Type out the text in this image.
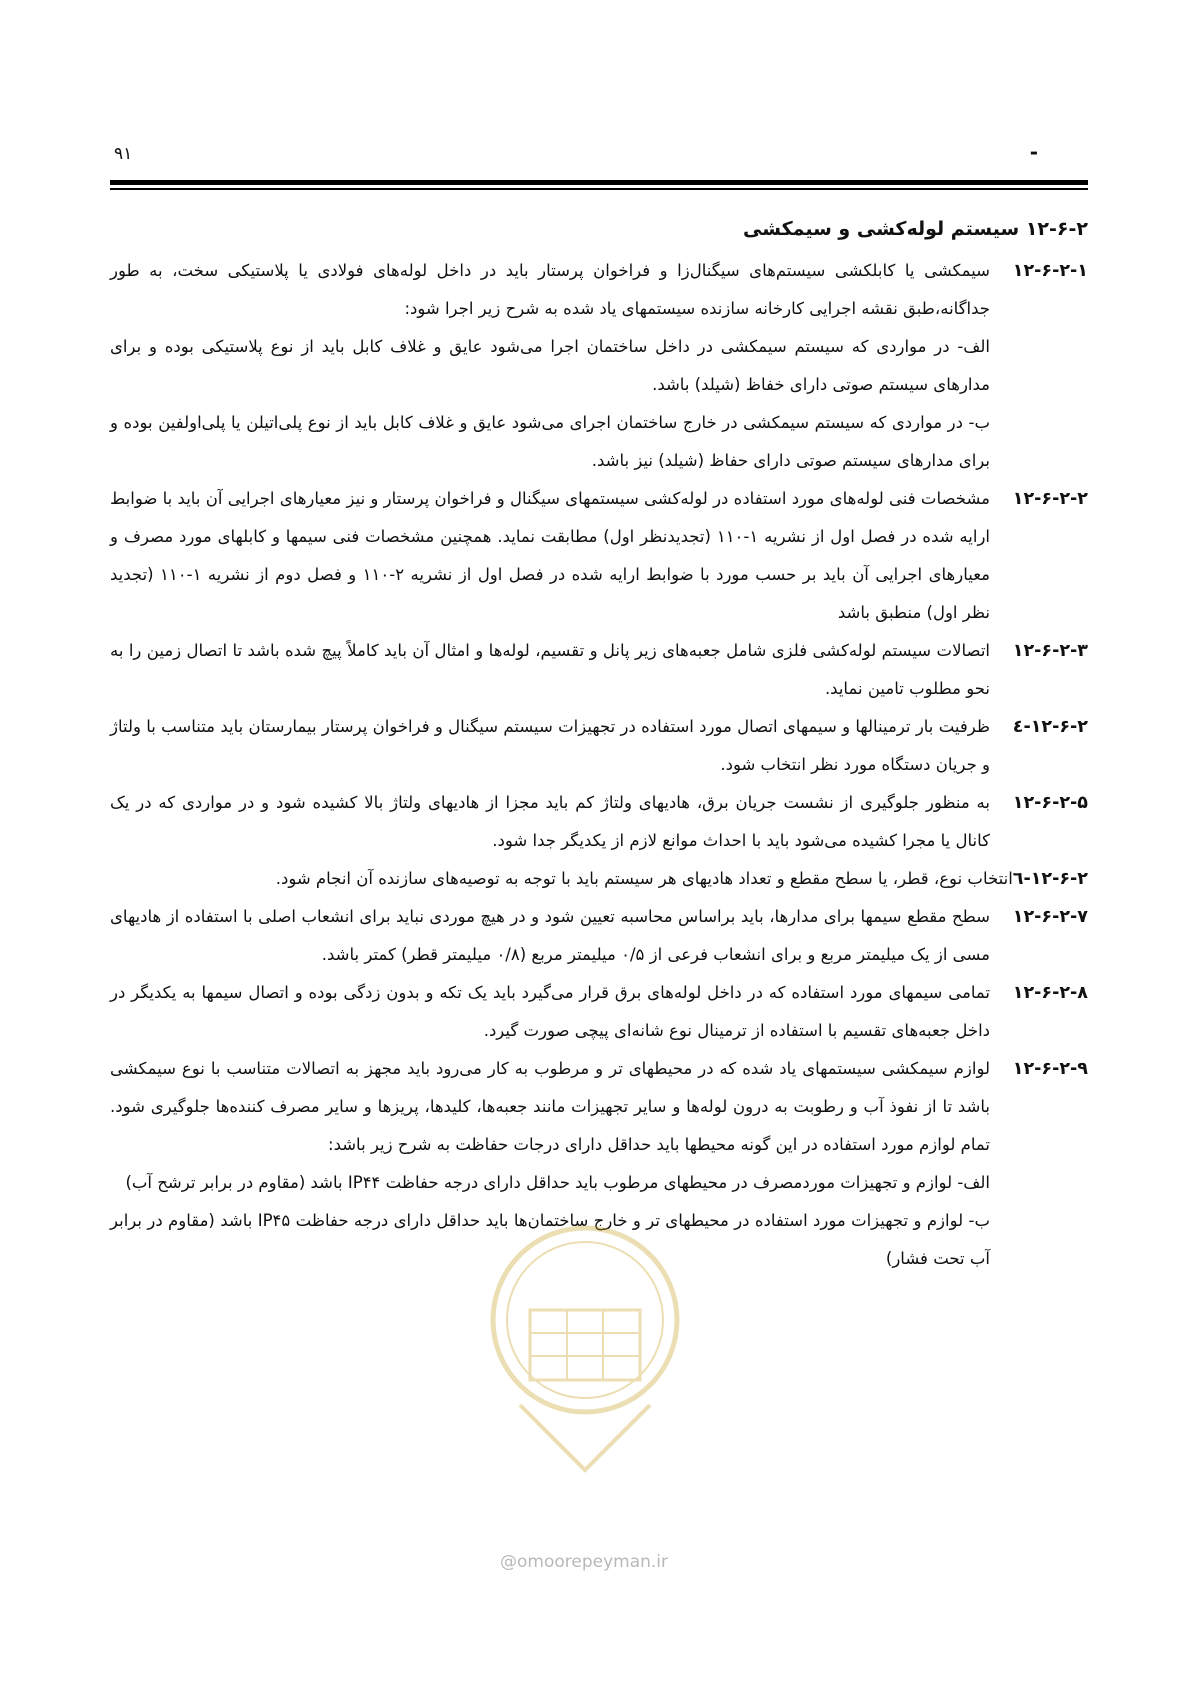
۹۱	-

۱۲-۶-۲ سیستم لوله‌کشی و سیمکشی

۱۲-۶-۲-۱

سیمکشی یا کابلکشی سیستم‌های سیگنال‌زا و فراخوان پرستار باید در داخل لوله‌های فولادی یا پلاستیکی سخت، به طور جداگانه،طبق نقشه اجرایی کارخانه سازنده سیستمهای یاد شده به شرح زیر اجرا شود:

الف- در مواردی که سیستم سیمکشی در داخل ساختمان اجرا می‌شود عایق و غلاف کابل باید از نوع پلاستیکی بوده و برای مدارهای سیستم صوتی دارای خفاظ (شیلد) باشد.

ب- در مواردی که سیستم سیمکشی در خارج ساختمان اجرای می‌شود عایق و غلاف کابل باید از نوع پلی‌اتیلن یا پلی‌اولفین بوده و برای مدارهای سیستم صوتی دارای حفاظ (شیلد) نیز باشد.

۱۲-۶-۲-۲

مشخصات فنی لوله‌های مورد استفاده در لوله‌کشی سیستمهای سیگنال و فراخوان پرستار و نیز معیارهای اجرایی آن باید با ضوابط ارایه شده در فصل اول از نشریه ۱-۱۱۰ (تجدیدنظر اول) مطابقت نماید. همچنین مشخصات فنی سیمها و کابلهای مورد مصرف و معیارهای اجرایی آن باید بر حسب مورد با ضوابط ارایه شده در فصل اول از نشریه ۲-۱۱۰ و فصل دوم از نشریه ۱-۱۱۰ (تجدید نظر اول) منطبق باشد

۱۲-۶-۲-۳

اتصالات سیستم لوله‌کشی فلزی شامل جعبه‌های زیر پانل و تقسیم، لوله‌ها و امثال آن باید کاملاً پیچ شده باشد تا اتصال زمین را به نحو مطلوب تامین نماید.

۱۲-۶-۲-٤

ظرفیت بار ترمینالها و سیمهای اتصال مورد استفاده در تجهیزات سیستم سیگنال و فراخوان پرستار بیمارستان باید متناسب با ولتاژ و جریان دستگاه مورد نظر انتخاب شود.

۱۲-۶-۲-۵

به منظور جلوگیری از نشست جریان برق، هادیهای ولتاژ کم باید مجزا از هادیهای ولتاژ بالا کشیده شود و در مواردی که در یک کانال یا مجرا کشیده می‌شود باید با احداث موانع لازم از یکدیگر جدا شود.

۱۲-۶-۲-٦انتخاب نوع، قطر، یا سطح مقطع و تعداد هادیهای هر سیستم باید با توجه به توصیه‌های سازنده آن انجام شود.

۱۲-۶-۲-۷

سطح مقطع سیمها برای مدارها، باید براساس محاسبه تعیین شود و در هیچ موردی نباید برای انشعاب اصلی با استفاده از هادیهای مسی از یک میلیمتر مربع و برای انشعاب فرعی از ۰/۵ میلیمتر مربع (۰/۸ میلیمتر قطر) کمتر باشد.

۱۲-۶-۲-۸

تمامی سیمهای مورد استفاده که در داخل لوله‌های برق قرار می‌گیرد باید یک تکه و بدون زدگی بوده و اتصال سیمها به یکدیگر در داخل جعبه‌های تقسیم با استفاده از ترمینال نوع شانه‌ای پیچی صورت گیرد.

۱۲-۶-۲-۹

لوازم سیمکشی سیستمهای یاد شده که در محیطهای تر و مرطوب به کار می‌رود باید مجهز به اتصالات متناسب با نوع سیمکشی باشد تا از نفوذ آب و رطوبت به درون لوله‌ها و سایر تجهیزات مانند جعبه‌ها، کلیدها، پریزها و سایر مصرف کننده‌ها جلوگیری شود. تمام لوازم مورد استفاده در این گونه محیطها باید حداقل دارای درجات حفاظت به شرح زیر باشد:

الف- لوازم و تجهیزات موردمصرف در محیطهای مرطوب باید حداقل دارای درجه حفاظت IP۴۴ باشد (مقاوم در برابر ترشح آب)

ب- لوازم و تجهیزات مورد استفاده در محیطهای تر و خارج ساختمان‌ها باید حداقل دارای درجه حفاظت IP۴۵ باشد (مقاوم در برابر آب تحت فشار)

@omoorepeyman.ir
